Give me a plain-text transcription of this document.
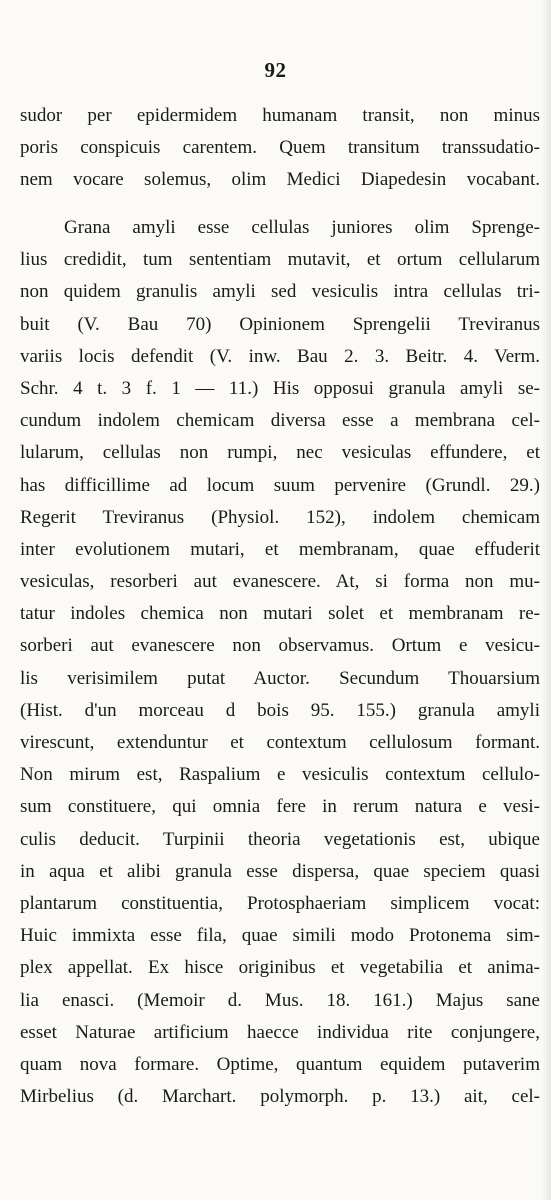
92
sudor per epidermidem humanam transit, non minus
poris conspicuis carentem. Quem transitum transsudatio-
nem vocare solemus, olim Medici Diapedesin vocabant.
Grana amyli esse cellulas juniores olim Sprenge-
lius credidit, tum sententiam mutavit, et ortum cellularum
non quidem granulis amyli sed vesiculis intra cellulas tri-
buit (V. Bau 70) Opinionem Sprengelii Treviranus
variis locis defendit (V. inw. Bau 2. 3. Beitr. 4. Verm.
Schr. 4 t. 3 f. 1 — 11.) His opposui granula amyli se-
cundum indolem chemicam diversa esse a membrana cel-
lularum, cellulas non rumpi, nec vesiculas effundere, et
has difficillime ad locum suum pervenire (Grundl. 29.)
Regerit Treviranus (Physiol. 152), indolem chemicam
inter evolutionem mutari, et membranam, quae effuderit
vesiculas, resorberi aut evanescere. At, si forma non mu-
tatur indoles chemica non mutari solet et membranam re-
sorberi aut evanescere non observamus. Ortum e vesicu-
lis verisimilem putat Auctor. Secundum Thouarsium
(Hist. d'un morceau d bois 95. 155.) granula amyli
virescunt, extenduntur et contextum cellulosum formant.
Non mirum est, Raspalium e vesiculis contextum cellulo-
sum constituere, qui omnia fere in rerum natura e vesi-
culis deducit. Turpinii theoria vegetationis est, ubique
in aqua et alibi granula esse dispersa, quae speciem quasi
plantarum constituentia, Protosphaeriam simplicem vocat:
Huic immixta esse fila, quae simili modo Protonema sim-
plex appellat. Ex hisce originibus et vegetabilia et anima-
lia enasci. (Memoir d. Mus. 18. 161.) Majus sane
esset Naturae artificium haecce individua rite conjungere,
quam nova formare. Optime, quantum equidem putaverim
Mirbelius (d. Marchart. polymorph. p. 13.) ait, cel-
